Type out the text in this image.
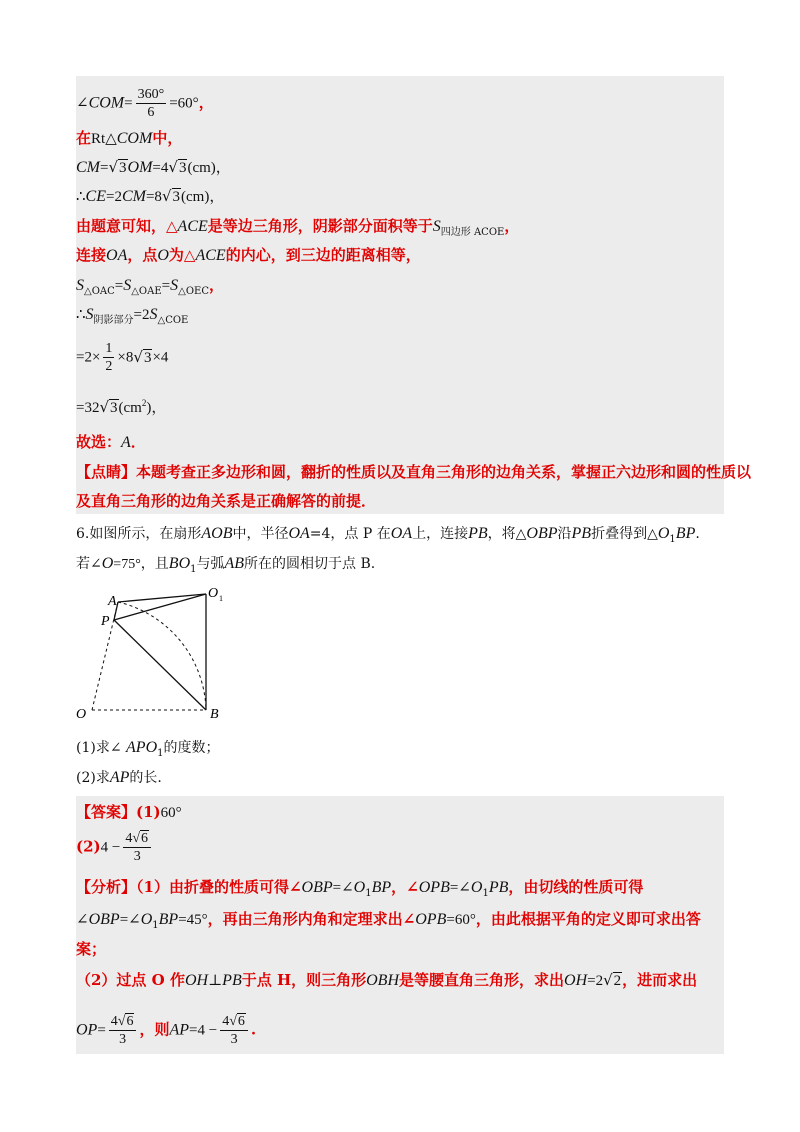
∠COM= $\frac{360^\circ}{6} =60^\circ$，
在Rt△COM中，
CM=√3OM=4√3(cm)，
∴CE=2CM=8√3(cm)，
由题意可知，△ACE是等边三角形，阴影部分面积等于$S_{四边形 ACOE}$，
连接OA，点O为△ACE的内心，到三边的距离相等，
$S_{\triangle OAC}=S_{\triangle OAE}=S_{\triangle OEC}$，
$\therefore S_{阴影部分}=2S_{\triangle COE}$
$=2\times \frac{1}{2} \times 8√3\times 4$
$=32√3(cm^2)$，
故选：A．
【点睛】本题考查正多边形和圆，翻折的性质以及直角三角形的边角关系，掌握正六边形和圆的性质以
及直角三角形的边角关系是正确解答的前提．
6.如图所示，在扇形AOB中，半径OA=4，点 P 在OA上，连接PB，将△OBP沿PB折叠得到$\triangle O_1BP$.
若∠O=75°，且$BO_1$与弧AB所在的圆相切于点 B.
A
P
O	B
O 1
(1)求∠ $APO_1$的度数；
(2)求AP的长.
【答案】(1)60°
$(2)4 - \frac{4√6}{3}$
【分析】（1）由折叠的性质可得$\angle OBP=\angle O_1BP$，$\angle OPB=\angle O_1PB$，由切线的性质可得
$\angle OBP=\angle O_1BP=45^\circ$，再由三角形内角和定理求出∠OPB=60°，由此根据平角的定义即可求出答
案；
（2）过点 O 作OH⊥PB于点 H，则三角形OBH是等腰直角三角形，求出OH=2√2，进而求出
$OP= \frac{4√6}{3}$ ，则$AP=4 - \frac{4√6}{3}$ .
